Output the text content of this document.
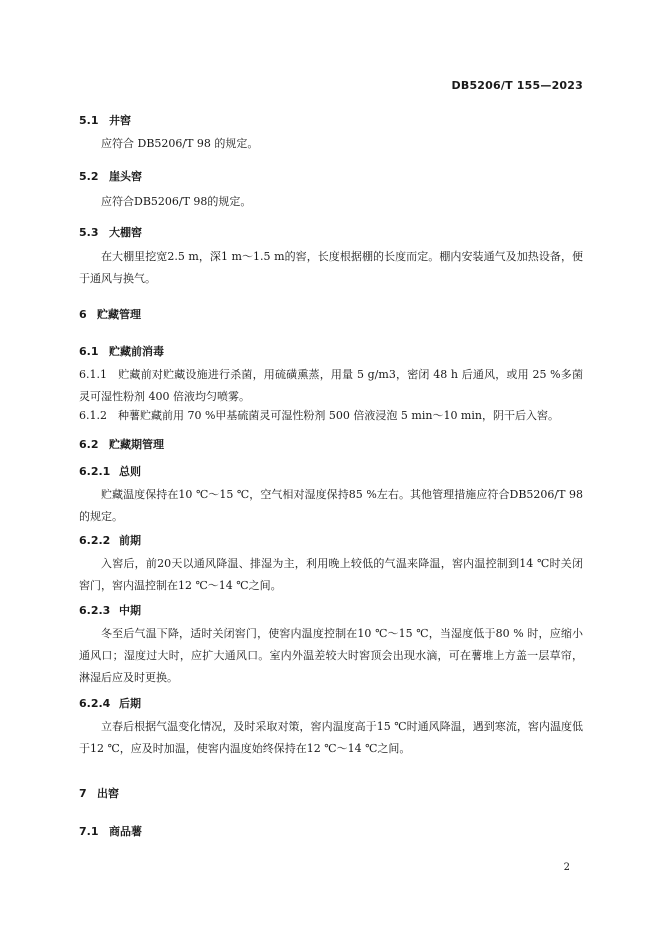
DB5206/T 155—2023
5.1 井窖
应符合 DB5206/T 98 的规定。
5.2 崖头窖
应符合DB5206/T 98的规定。
5.3 大棚窖
在大棚里挖宽2.5 m，深1 m～1.5 m的窖，长度根据棚的长度而定。棚内安装通气及加热设备，便于通风与换气。
6 贮藏管理
6.1 贮藏前消毒
6.1.1　贮藏前对贮藏设施进行杀菌，用硫磺熏蒸，用量 5 g/m3，密闭 48 h 后通风，或用 25 %多菌灵可湿性粉剂 400 倍液均匀喷雾。
6.1.2　种薯贮藏前用 70 %甲基硫菌灵可湿性粉剂 500 倍液浸泡 5 min～10 min，阴干后入窖。
6.2 贮藏期管理
6.2.1 总则
贮藏温度保持在10 ℃～15 ℃，空气相对湿度保持85 %左右。其他管理措施应符合DB5206/T 98的规定。
6.2.2 前期
入窖后，前20天以通风降温、排湿为主，利用晚上较低的气温来降温，窖内温控制到14 ℃时关闭窖门，窖内温控制在12 ℃～14 ℃之间。
6.2.3 中期
冬至后气温下降，适时关闭窖门，使窖内温度控制在10 ℃～15 ℃，当湿度低于80 % 时，应缩小通风口；湿度过大时，应扩大通风口。室内外温差较大时窖顶会出现水滴，可在薯堆上方盖一层草帘，淋湿后应及时更换。
6.2.4 后期
立春后根据气温变化情况，及时采取对策，窖内温度高于15 ℃时通风降温，遇到寒流，窖内温度低于12 ℃，应及时加温，使窖内温度始终保持在12 ℃～14 ℃之间。
7 出窖
7.1 商品薯
2
